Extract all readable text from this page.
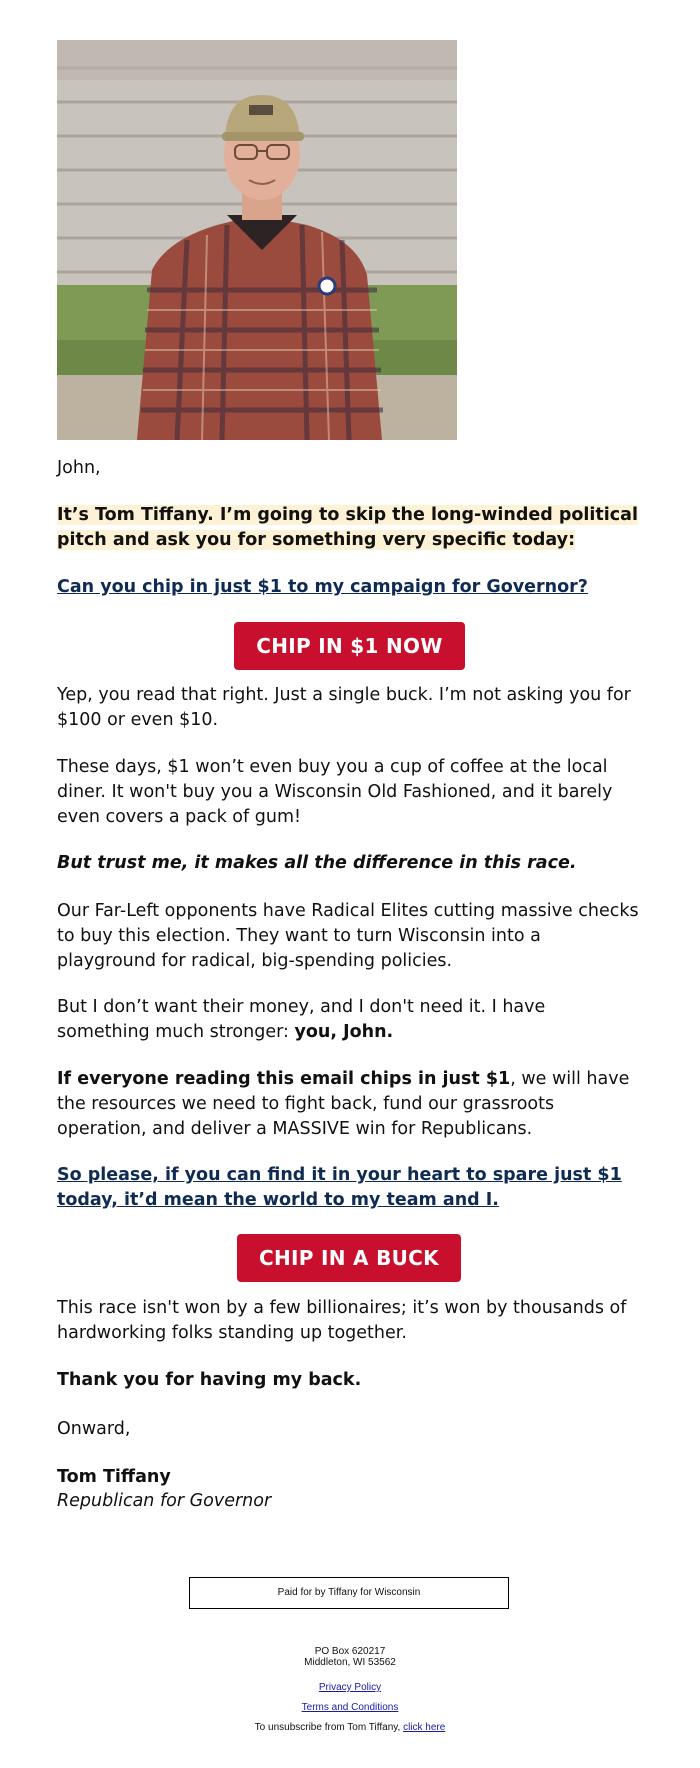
John,

It’s Tom Tiffany. I’m going to skip the long-winded political pitch and ask you for something very specific today:

Can you chip in just $1 to my campaign for Governor?

CHIP IN $1 NOW

Yep, you read that right. Just a single buck. I’m not asking you for $100 or even $10.

These days, $1 won’t even buy you a cup of coffee at the local diner. It won't buy you a Wisconsin Old Fashioned, and it barely even covers a pack of gum!

But trust me, it makes all the difference in this race.

Our Far-Left opponents have Radical Elites cutting massive checks to buy this election. They want to turn Wisconsin into a playground for radical, big-spending policies.

But I don’t want their money, and I don't need it. I have something much stronger: you, John.

If everyone reading this email chips in just $1, we will have the resources we need to fight back, fund our grassroots operation, and deliver a MASSIVE win for Republicans.

So please, if you can find it in your heart to spare just $1 today, it’d mean the world to my team and I.

CHIP IN A BUCK

This race isn't won by a few billionaires; it’s won by thousands of hardworking folks standing up together.

Thank you for having my back.

Onward,

Tom Tiffany

Republican for Governor

Paid for by Tiffany for Wisconsin
PO Box 620217
Middleton, WI 53562
Privacy Policy
Terms and Conditions
To unsubscribe from Tom Tiffany, click here
